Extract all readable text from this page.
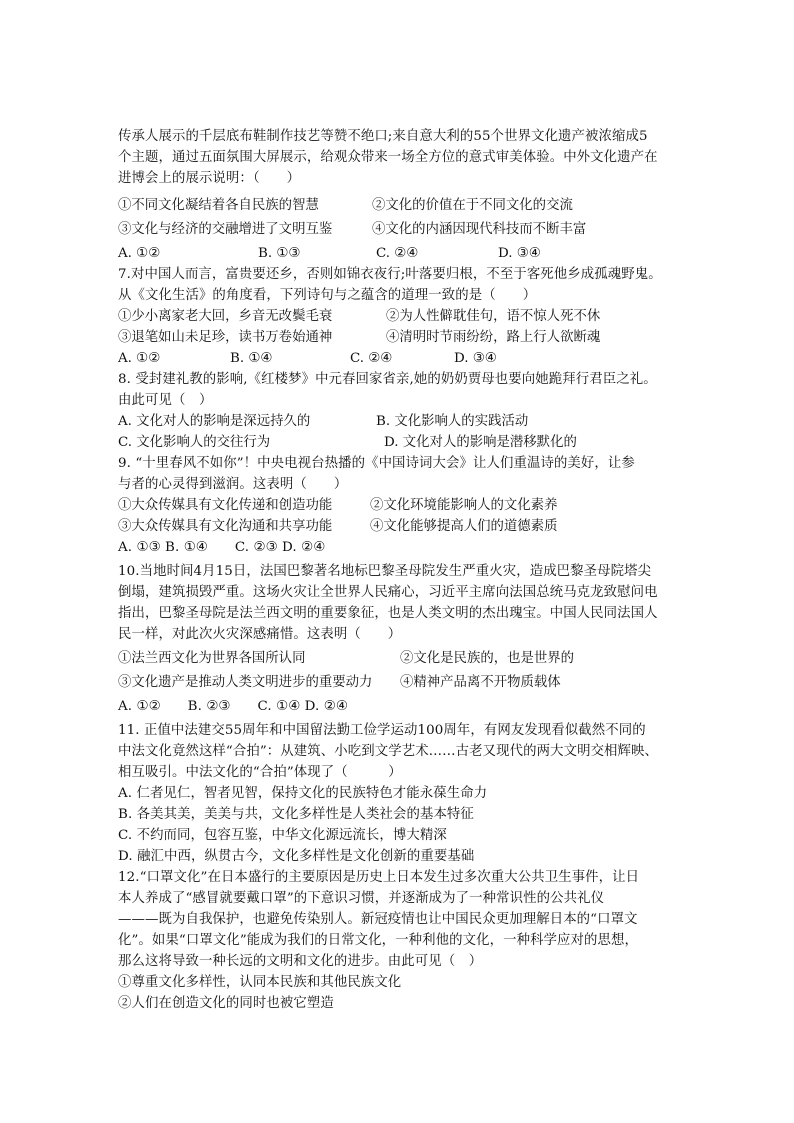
传承人展示的千层底布鞋制作技艺等赞不绝口;来自意大利的55个世界文化遗产被浓缩成5

个主题，通过五面氛围大屏展示，给观众带来一场全方位的意式审美体验。中外文化遗产在

进博会上的展示说明：（　　）

①不同文化凝结着各自民族的智慧	②文化的价值在于不同文化的交流
③文化与经济的交融增进了文明互鉴	④文化的内涵因现代科技而不断丰富
A. ①②	B. ①③	C. ②④	D. ③④

7.对中国人而言，富贵要还乡，否则如锦衣夜行;叶落要归根，不至于客死他乡成孤魂野鬼。

从《文化生活》的角度看，下列诗句与之蕴含的道理一致的是（　　）

①少小离家老大回，乡音无改鬓毛衰	②为人性僻耽佳句，语不惊人死不休
③退笔如山未足珍，读书万卷始通神	④清明时节雨纷纷，路上行人欲断魂
A. ①②	B. ①④	C. ②④	D. ③④

8. 受封建礼教的影响,《红楼梦》中元春回家省亲,她的奶奶贾母也要向她跪拜行君臣之礼。

由此可见（　）

A. 文化对人的影响是深远持久的	B. 文化影响人的实践活动
C. 文化影响人的交往行为	D. 文化对人的影响是潜移默化的

9. “十里春风不如你”！中央电视台热播的《中国诗词大会》让人们重温诗的美好，让参

与者的心灵得到滋润。这表明（　　）

①大众传媒具有文化传递和创造功能	②文化环境能影响人的文化素养
③大众传媒具有文化沟通和共享功能	④文化能够提高人们的道德素质

A. ①③ B. ①④　　C. ②③ D. ②④

10.当地时间4月15日，法国巴黎著名地标巴黎圣母院发生严重火灾，造成巴黎圣母院塔尖

倒塌，建筑损毁严重。这场火灾让全世界人民痛心，习近平主席向法国总统马克龙致慰问电

指出，巴黎圣母院是法兰西文明的重要象征，也是人类文明的杰出瑰宝。中国人民同法国人

民一样，对此次火灾深感痛惜。这表明（　　）

①法兰西文化为世界各国所认同	②文化是民族的，也是世界的
③文化遗产是推动人类文明进步的重要动力	④精神产品离不开物质载体

A. ①②　　B. ②③　　C. ①④ D. ②④

11. 正值中法建交55周年和中国留法勤工俭学运动100周年，有网友发现看似截然不同的

中法文化竟然这样“合拍”：从建筑、小吃到文学艺术……古老又现代的两大文明交相辉映、

相互吸引。中法文化的“合拍”体现了（　　　）

A. 仁者见仁，智者见智，保持文化的民族特色才能永葆生命力

B. 各美其美，美美与共，文化多样性是人类社会的基本特征

C. 不约而同，包容互鉴，中华文化源远流长，博大精深

D. 融汇中西，纵贯古今，文化多样性是文化创新的重要基础

12.“口罩文化”在日本盛行的主要原因是历史上日本发生过多次重大公共卫生事件，让日

本人养成了“感冒就要戴口罩”的下意识习惯，并逐渐成为了一种常识性的公共礼仪

———既为自我保护，也避免传染别人。新冠疫情也让中国民众更加理解日本的“口罩文

化”。如果“口罩文化”能成为我们的日常文化，一种利他的文化，一种科学应对的思想，

那么这将导致一种长远的文明和文化的进步。由此可见（　）

①尊重文化多样性，认同本民族和其他民族文化

②人们在创造文化的同时也被它塑造
